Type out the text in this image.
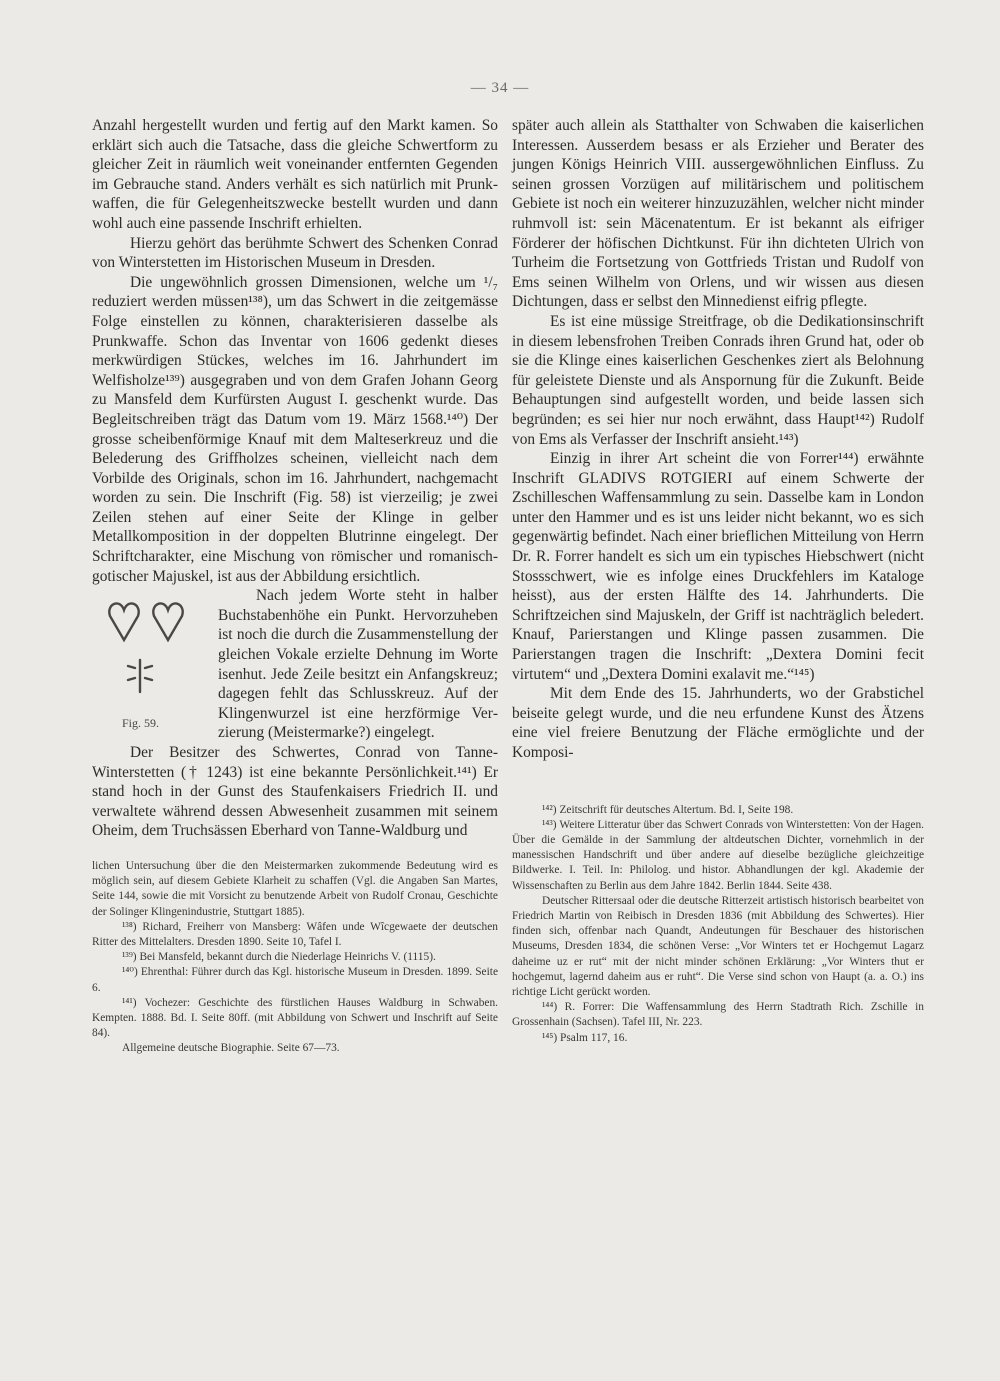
— 34 —

Anzahl hergestellt wurden und fertig auf den Markt kamen. So erklärt sich auch die Tatsache, dass die gleiche Schwertform zu gleicher Zeit in räumlich weit voneinander entfernten Gegenden im Gebrauche stand. Anders verhält es sich natürlich mit Prunkwaffen, die für Gelegenheitszwecke bestellt wurden und dann wohl auch eine passende Inschrift erhielten.

Hierzu gehört das berühmte Schwert des Schenken Conrad von Winterstetten im Historischen Museum in Dresden.

Die ungewöhnlich grossen Dimensionen, welche um ¹/₇ reduziert werden müssen¹³⁸), um das Schwert in die zeitgemässe Folge einstellen zu können, charakterisieren dasselbe als Prunkwaffe. Schon das Inventar von 1606 gedenkt dieses merkwürdigen Stückes, welches im 16. Jahrhundert im Welfisholze¹³⁹) ausgegraben und von dem Grafen Johann Georg zu Mansfeld dem Kurfürsten August I. geschenkt wurde. Das Begleitschreiben trägt das Datum vom 19. März 1568.¹⁴⁰) Der grosse scheibenförmige Knauf mit dem Malteserkreuz und die Belederung des Griffholzes scheinen, vielleicht nach dem Vorbilde des Originals, schon im 16. Jahrhundert, nachgemacht worden zu sein. Die Inschrift (Fig. 58) ist vierzeilig; je zwei Zeilen stehen auf einer Seite der Klinge in gelber Metallkomposition in der doppelten Blutrinne eingelegt. Der Schriftcharakter, eine Mischung von römischer und romanisch-gotischer Majuskel, ist aus der Abbildung ersichtlich.

Fig. 59.

Nach jedem Worte steht in halber Buchstabenhöhe ein Punkt. Hervorzuheben ist noch die durch die Zusammenstellung der gleichen Vokale erzielte Dehnung im Worte isenhut. Jede Zeile besitzt ein Anfangskreuz; dagegen fehlt das Schlusskreuz. Auf der Klingenwurzel ist eine herzförmige Verzierung (Meistermarke?) eingelegt.

Der Besitzer des Schwertes, Conrad von Tanne-Winterstetten († 1243) ist eine bekannte Persönlichkeit.¹⁴¹) Er stand hoch in der Gunst des Staufenkaisers Friedrich II. und verwaltete während dessen Abwesenheit zusammen mit seinem Oheim, dem Truchsässen Eberhard von Tanne-Waldburg und

lichen Untersuchung über die den Meistermarken zukommende Bedeutung wird es möglich sein, auf diesem Gebiete Klarheit zu schaffen (Vgl. die Angaben San Martes, Seite 144, sowie die mit Vorsicht zu benutzende Arbeit von Rudolf Cronau, Geschichte der Solinger Klingenindustrie, Stuttgart 1885).

¹³⁸) Richard, Freiherr von Mansberg: Wâfen unde Wîcgewaete der deutschen Ritter des Mittelalters. Dresden 1890. Seite 10, Tafel I.

¹³⁹) Bei Mansfeld, bekannt durch die Niederlage Heinrichs V. (1115).

¹⁴⁰) Ehrenthal: Führer durch das Kgl. historische Museum in Dresden. 1899. Seite 6.

¹⁴¹) Vochezer: Geschichte des fürstlichen Hauses Waldburg in Schwaben. Kempten. 1888. Bd. I. Seite 80ff. (mit Abbildung von Schwert und Inschrift auf Seite 84).

Allgemeine deutsche Biographie. Seite 67—73.

später auch allein als Statthalter von Schwaben die kaiserlichen Interessen. Ausserdem besass er als Erzieher und Berater des jungen Königs Heinrich VIII. aussergewöhnlichen Einfluss. Zu seinen grossen Vorzügen auf militärischem und politischem Gebiete ist noch ein weiterer hinzuzuzählen, welcher nicht minder ruhmvoll ist: sein Mäcenatentum. Er ist bekannt als eifriger Förderer der höfischen Dichtkunst. Für ihn dichteten Ulrich von Turheim die Fortsetzung von Gottfrieds Tristan und Rudolf von Ems seinen Wilhelm von Orlens, und wir wissen aus diesen Dichtungen, dass er selbst den Minnedienst eifrig pflegte.

Es ist eine müssige Streitfrage, ob die Dedikationsinschrift in diesem lebensfrohen Treiben Conrads ihren Grund hat, oder ob sie die Klinge eines kaiserlichen Geschenkes ziert als Belohnung für geleistete Dienste und als Anspornung für die Zukunft. Beide Behauptungen sind aufgestellt worden, und beide lassen sich begründen; es sei hier nur noch erwähnt, dass Haupt¹⁴²) Rudolf von Ems als Verfasser der Inschrift ansieht.¹⁴³)

Einzig in ihrer Art scheint die von Forrer¹⁴⁴) erwähnte Inschrift GLADIVS ROTGIERI auf einem Schwerte der Zschilleschen Waffensammlung zu sein. Dasselbe kam in London unter den Hammer und es ist uns leider nicht bekannt, wo es sich gegenwärtig befindet. Nach einer brieflichen Mitteilung von Herrn Dr. R. Forrer handelt es sich um ein typisches Hiebschwert (nicht Stossschwert, wie es infolge eines Druckfehlers im Kataloge heisst), aus der ersten Hälfte des 14. Jahrhunderts. Die Schriftzeichen sind Majuskeln, der Griff ist nachträglich beledert. Knauf, Parierstangen und Klinge passen zusammen. Die Parierstangen tragen die Inschrift: „Dextera Domini fecit virtutem“ und „Dextera Domini exalavit me.“¹⁴⁵)

Mit dem Ende des 15. Jahrhunderts, wo der Grabstichel beiseite gelegt wurde, und die neu erfundene Kunst des Ätzens eine viel freiere Benutzung der Fläche ermöglichte und der Komposi-

¹⁴²) Zeitschrift für deutsches Altertum. Bd. I, Seite 198.

¹⁴³) Weitere Litteratur über das Schwert Conrads von Winterstetten: Von der Hagen. Über die Gemälde in der Sammlung der altdeutschen Dichter, vornehmlich in der manessischen Handschrift und über andere auf dieselbe bezügliche gleichzeitige Bildwerke. I. Teil. In: Philolog. und histor. Abhandlungen der kgl. Akademie der Wissenschaften zu Berlin aus dem Jahre 1842. Berlin 1844. Seite 438.

Deutscher Rittersaal oder die deutsche Ritterzeit artistisch historisch bearbeitet von Friedrich Martin von Reibisch in Dresden 1836 (mit Abbildung des Schwertes). Hier finden sich, offenbar nach Quandt, Andeutungen für Beschauer des historischen Museums, Dresden 1834, die schönen Verse: „Vor Winters tet er Hochgemut Lagarz daheime uz er rut“ mit der nicht minder schönen Erklärung: „Vor Winters thut er hochgemut, lagernd daheim aus er ruht“. Die Verse sind schon von Haupt (a. a. O.) ins richtige Licht gerückt worden.

¹⁴⁴) R. Forrer: Die Waffensammlung des Herrn Stadtrath Rich. Zschille in Grossenhain (Sachsen). Tafel III, Nr. 223.

¹⁴⁵) Psalm 117, 16.
